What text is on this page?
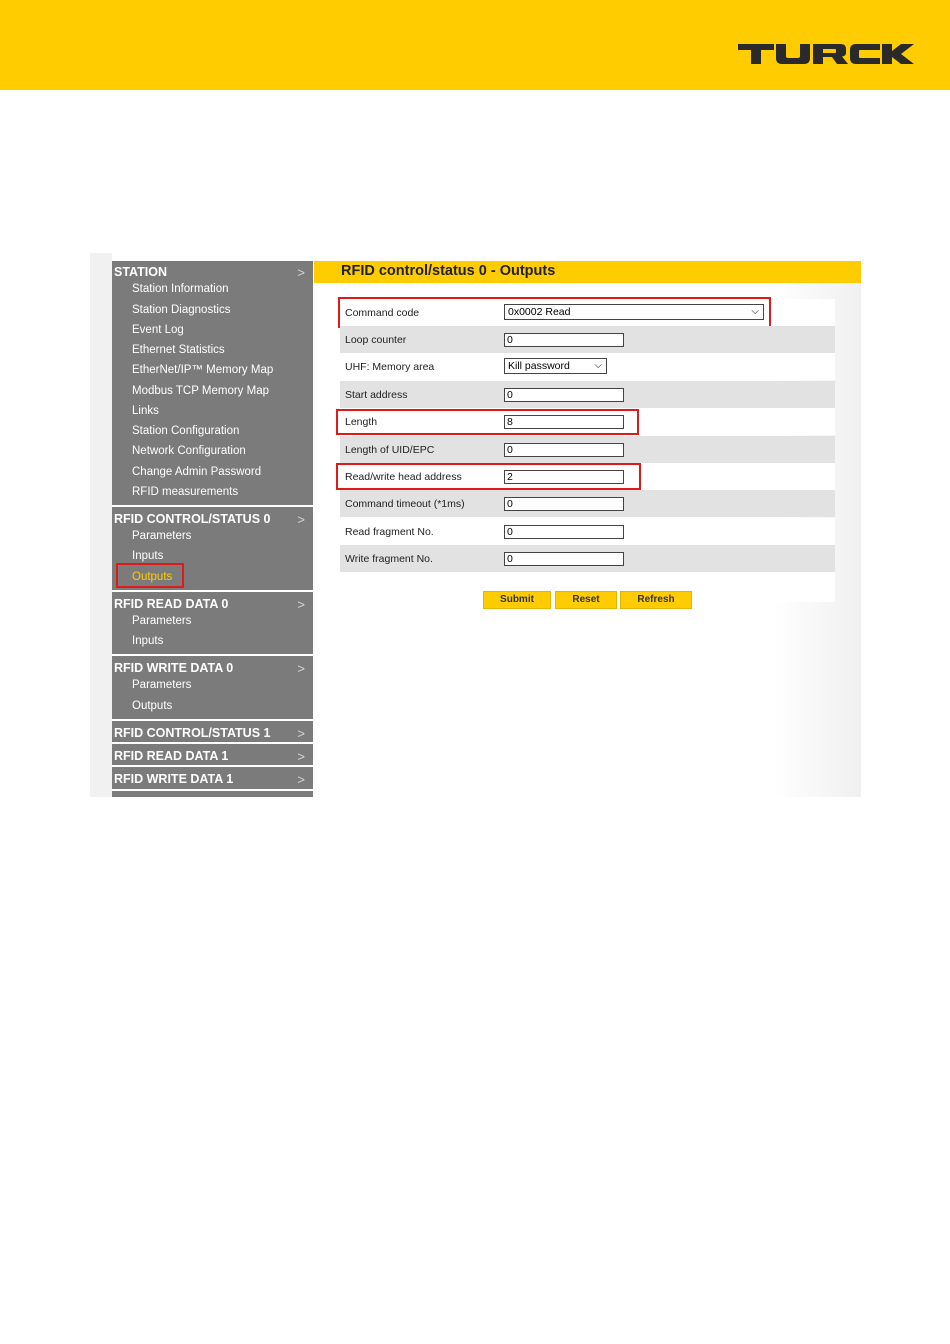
STATION	>
Station Information
Station Diagnostics
Event Log
Ethernet Statistics
EtherNet/IP™ Memory Map
Modbus TCP Memory Map
Links
Station Configuration
Network Configuration
Change Admin Password
RFID measurements
RFID CONTROL/STATUS 0 >
Parameters
Inputs
Outputs
RFID READ DATA 0	>
Parameters
Inputs
RFID WRITE DATA 0	>
Parameters
Outputs
RFID CONTROL/STATUS 1 >
RFID READ DATA 1	>
RFID WRITE DATA 1	>
RFID control/status 0 - Outputs
Command code	0x0002 Read	⌵
Loop counter	0
UHF: Memory area	Kill password ⌵
Start address	0
Length	8
Length of UID/EPC	0
Read/write head address	2
Command timeout (*1ms)	0
Read fragment No.	0
Write fragment No.	0
Submit	Reset	Refresh
